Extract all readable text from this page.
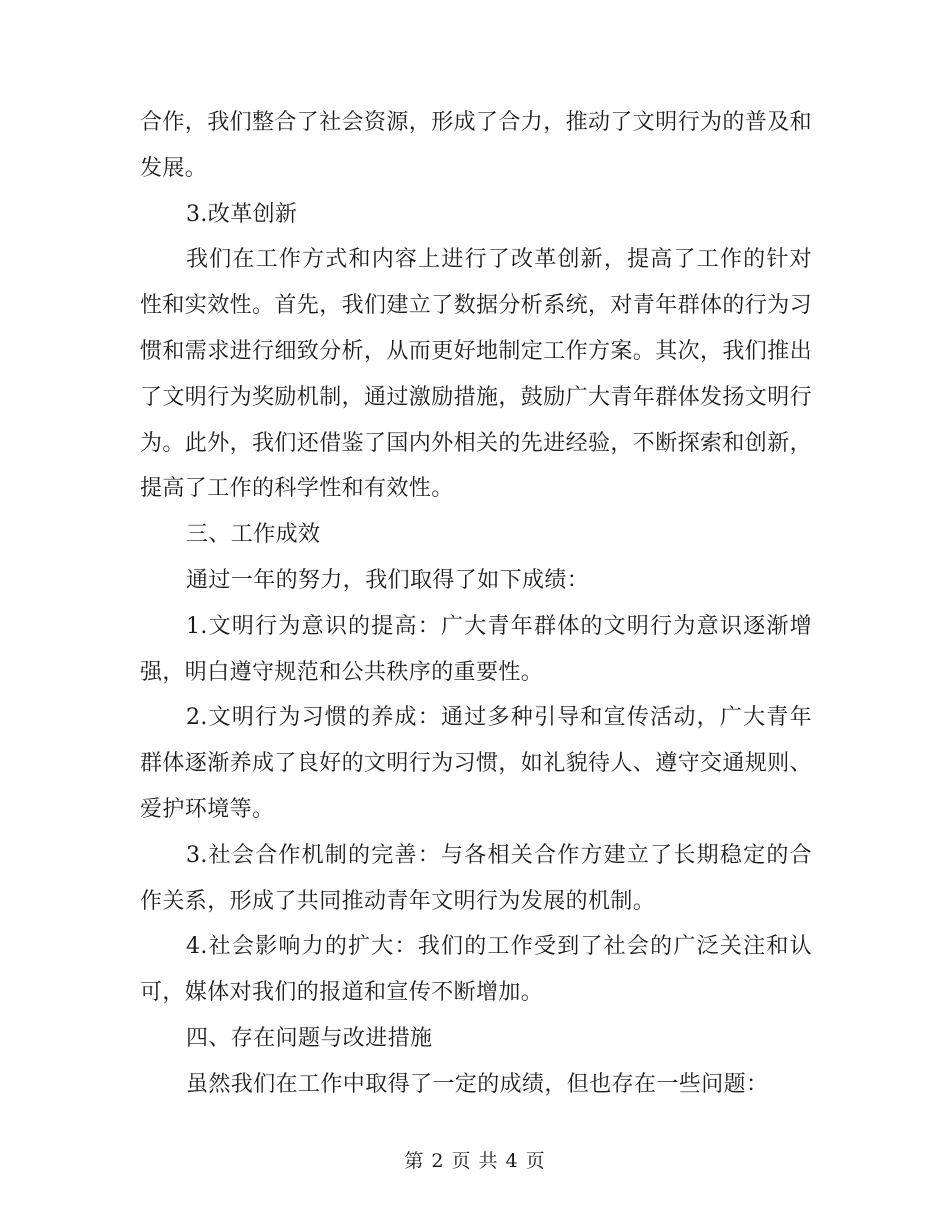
合作，我们整合了社会资源，形成了合力，推动了文明行为的普及和发展。

3.改革创新

我们在工作方式和内容上进行了改革创新，提高了工作的针对性和实效性。首先，我们建立了数据分析系统，对青年群体的行为习惯和需求进行细致分析，从而更好地制定工作方案。其次，我们推出了文明行为奖励机制，通过激励措施，鼓励广大青年群体发扬文明行为。此外，我们还借鉴了国内外相关的先进经验，不断探索和创新，提高了工作的科学性和有效性。

三、工作成效

通过一年的努力，我们取得了如下成绩：

1.文明行为意识的提高：广大青年群体的文明行为意识逐渐增强，明白遵守规范和公共秩序的重要性。

2.文明行为习惯的养成：通过多种引导和宣传活动，广大青年群体逐渐养成了良好的文明行为习惯，如礼貌待人、遵守交通规则、爱护环境等。

3.社会合作机制的完善：与各相关合作方建立了长期稳定的合作关系，形成了共同推动青年文明行为发展的机制。

4.社会影响力的扩大：我们的工作受到了社会的广泛关注和认可，媒体对我们的报道和宣传不断增加。

四、存在问题与改进措施

虽然我们在工作中取得了一定的成绩，但也存在一些问题：

第 2 页 共 4 页
